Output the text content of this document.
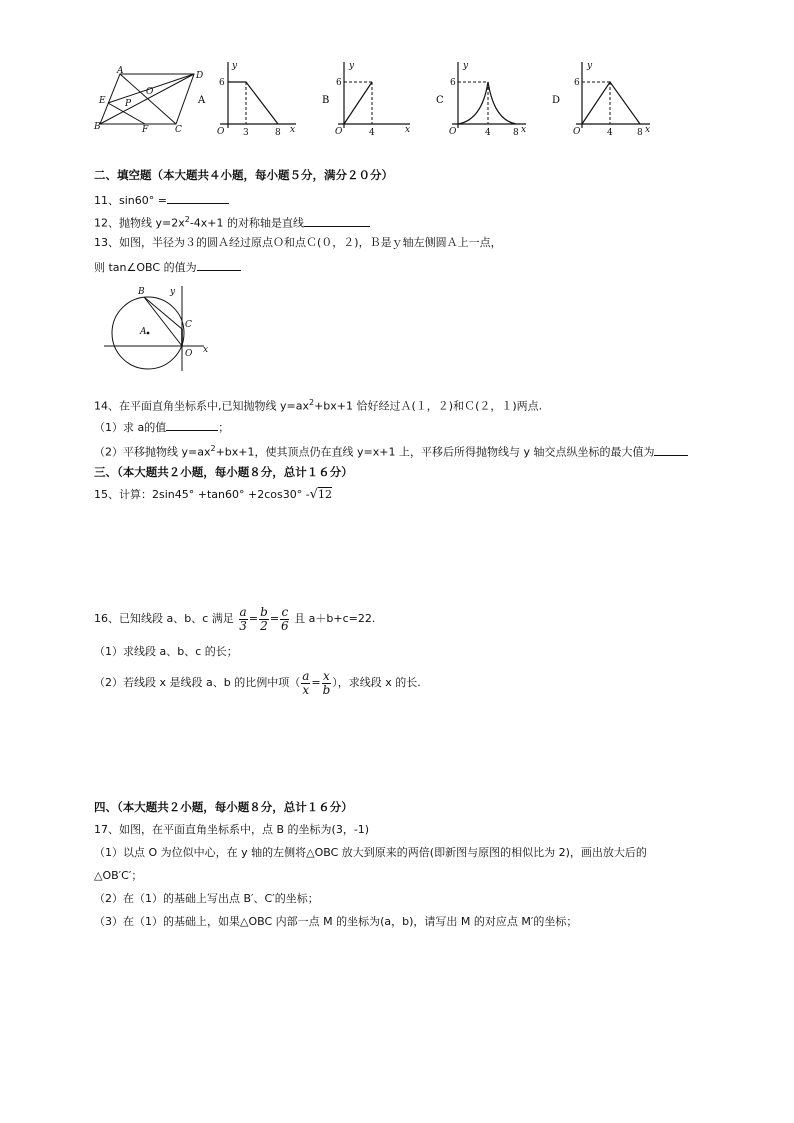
A	D
E
O
P
B	F	C
A
y
x
O
6
3	8
B
y
x
O
6
4
C
y
x
O
6
4 8
D
y
x
O
6
4	8
二、填空题（本大题共４小题，每小题５分，满分２０分）
11、sin60° =
12、抛物线 $y=2x^2-4x+1$ 的对称轴是直线
13、如图，半径为３的圆Ａ经过原点Ｏ和点Ｃ(０，２)，Ｂ是ｙ轴左侧圆Ａ上一点，
则 tan∠OBC 的值为
B	y
C
A
O x
14、在平面直角坐标系中,已知抛物线 $y=ax^2+bx+1$ 恰好经过Ａ(１，２)和Ｃ(２，１)两点.
（1）求 a的值	；
（2）平移抛物线 $y=ax^2+bx+1$，使其顶点仍在直线 y=x+1 上，平移后所得抛物线与 y 轴交点纵坐标的最大值为
三、（本大题共２小题，每小题８分，总计１６分）
15、计算：2sin45° +tan60° +2cos30° -√12
16、已知线段 a、b、c 满足 $\frac{a}{3} = \frac{b}{2} = \frac{c}{6}$ 且 a＋b+c=22.
（1）求线段 a、b、c 的长；
（2）若线段 x 是线段 a、b 的比例中项（ $\frac{a}{x} = \frac{x}{b}$ ），求线段 x 的长.
四、（本大题共２小题，每小题８分，总计１６分）
17、如图，在平面直角坐标系中，点 B 的坐标为(3，-1)
（1）以点 O 为位似中心，在 y 轴的左侧将△OBC 放大到原来的两倍(即新图与原图的相似比为 2)，画出放大后的
△OB′C′；
（2）在（1）的基础上写出点 B′、C′的坐标；
（3）在（1）的基础上，如果△OBC 内部一点 M 的坐标为(a，b)，请写出 M 的对应点 M′的坐标；
